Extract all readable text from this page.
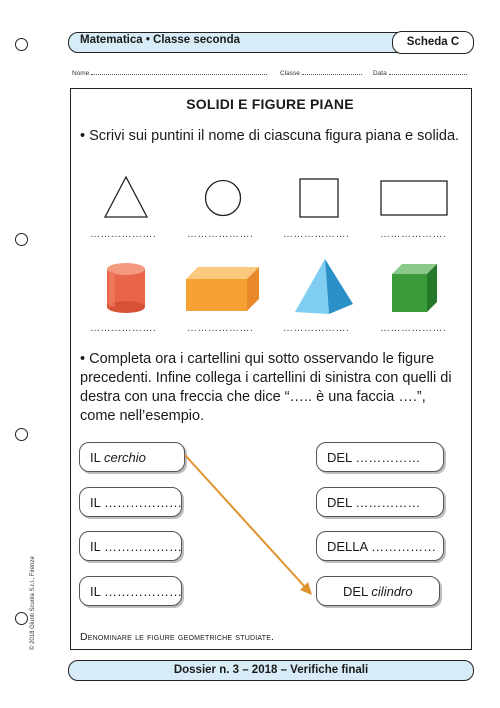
Matematica • Classe seconda	Scheda C
Nome	Classe	Data
SOLIDI E FIGURE PIANE
• Scrivi sui puntini il nome di ciascuna figura piana e solida.
……………….	……………….	……………….	……………….
……………….	……………….	……………….	……………….
• Completa ora i cartellini qui sotto osservando le figure precedenti. Infine collega i cartellini di sinistra con quelli di destra con una freccia che dice “….. è una faccia ….”, come nell’esempio.
IL cerchio
IL ………………
IL ………………
IL ………………
DEL ……………
DEL ……………
DELLA ……………
DEL cilindro
Denominare le figure geometriche studiate.
© 2018 Giunti Scuola S.r.l., Firenze
Dossier n. 3 – 2018 – Verifiche finali
